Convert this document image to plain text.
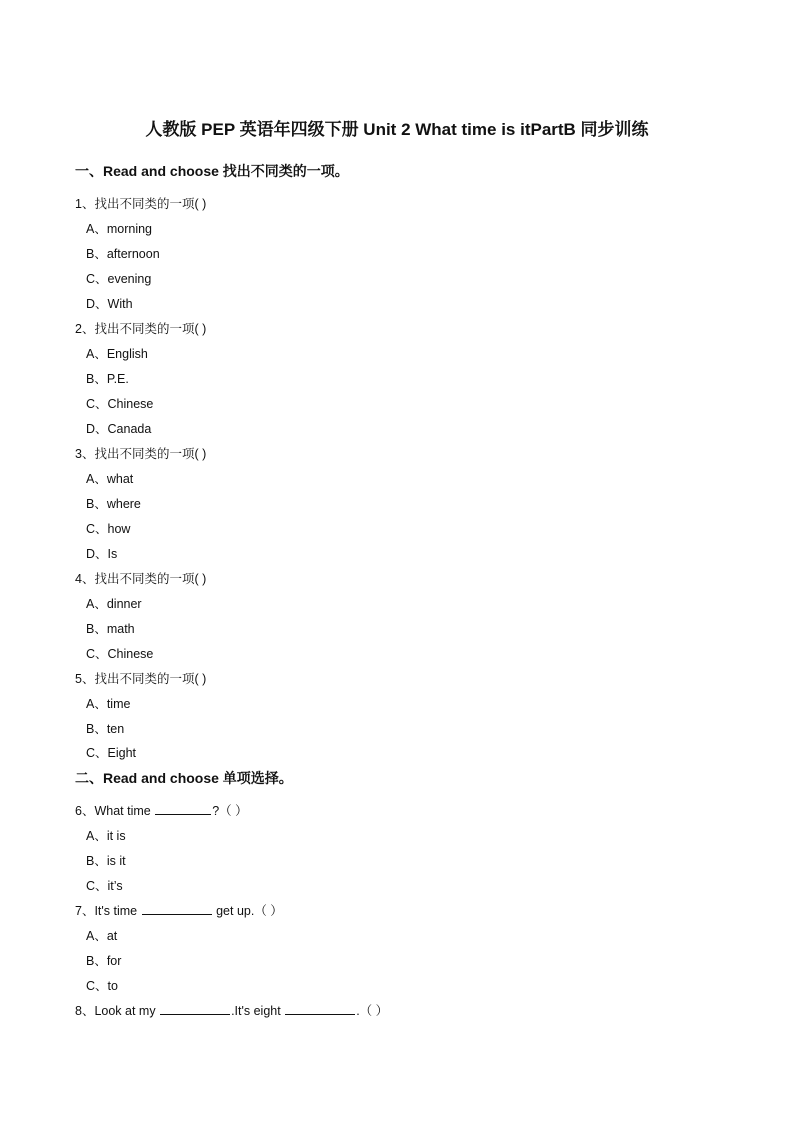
人教版 PEP 英语年四级下册 Unit 2 What time is itPartB 同步训练
一、Read and choose 找出不同类的一项。
1、找出不同类的一项( )
A、morning
B、afternoon
C、evening
D、With
2、找出不同类的一项( )
A、English
B、P.E.
C、Chinese
D、Canada
3、找出不同类的一项( )
A、what
B、where
C、how
D、Is
4、找出不同类的一项( )
A、dinner
B、math
C、Chinese
5、找出不同类的一项( )
A、time
B、ten
C、Eight
二、Read and choose 单项选择。
6、What time	?（ ）
A、it is
B、is it
C、it’s
7、It's time	get up.（ ）
A、at
B、for
C、to
8、Look at my	.It's eight	.（ ）
